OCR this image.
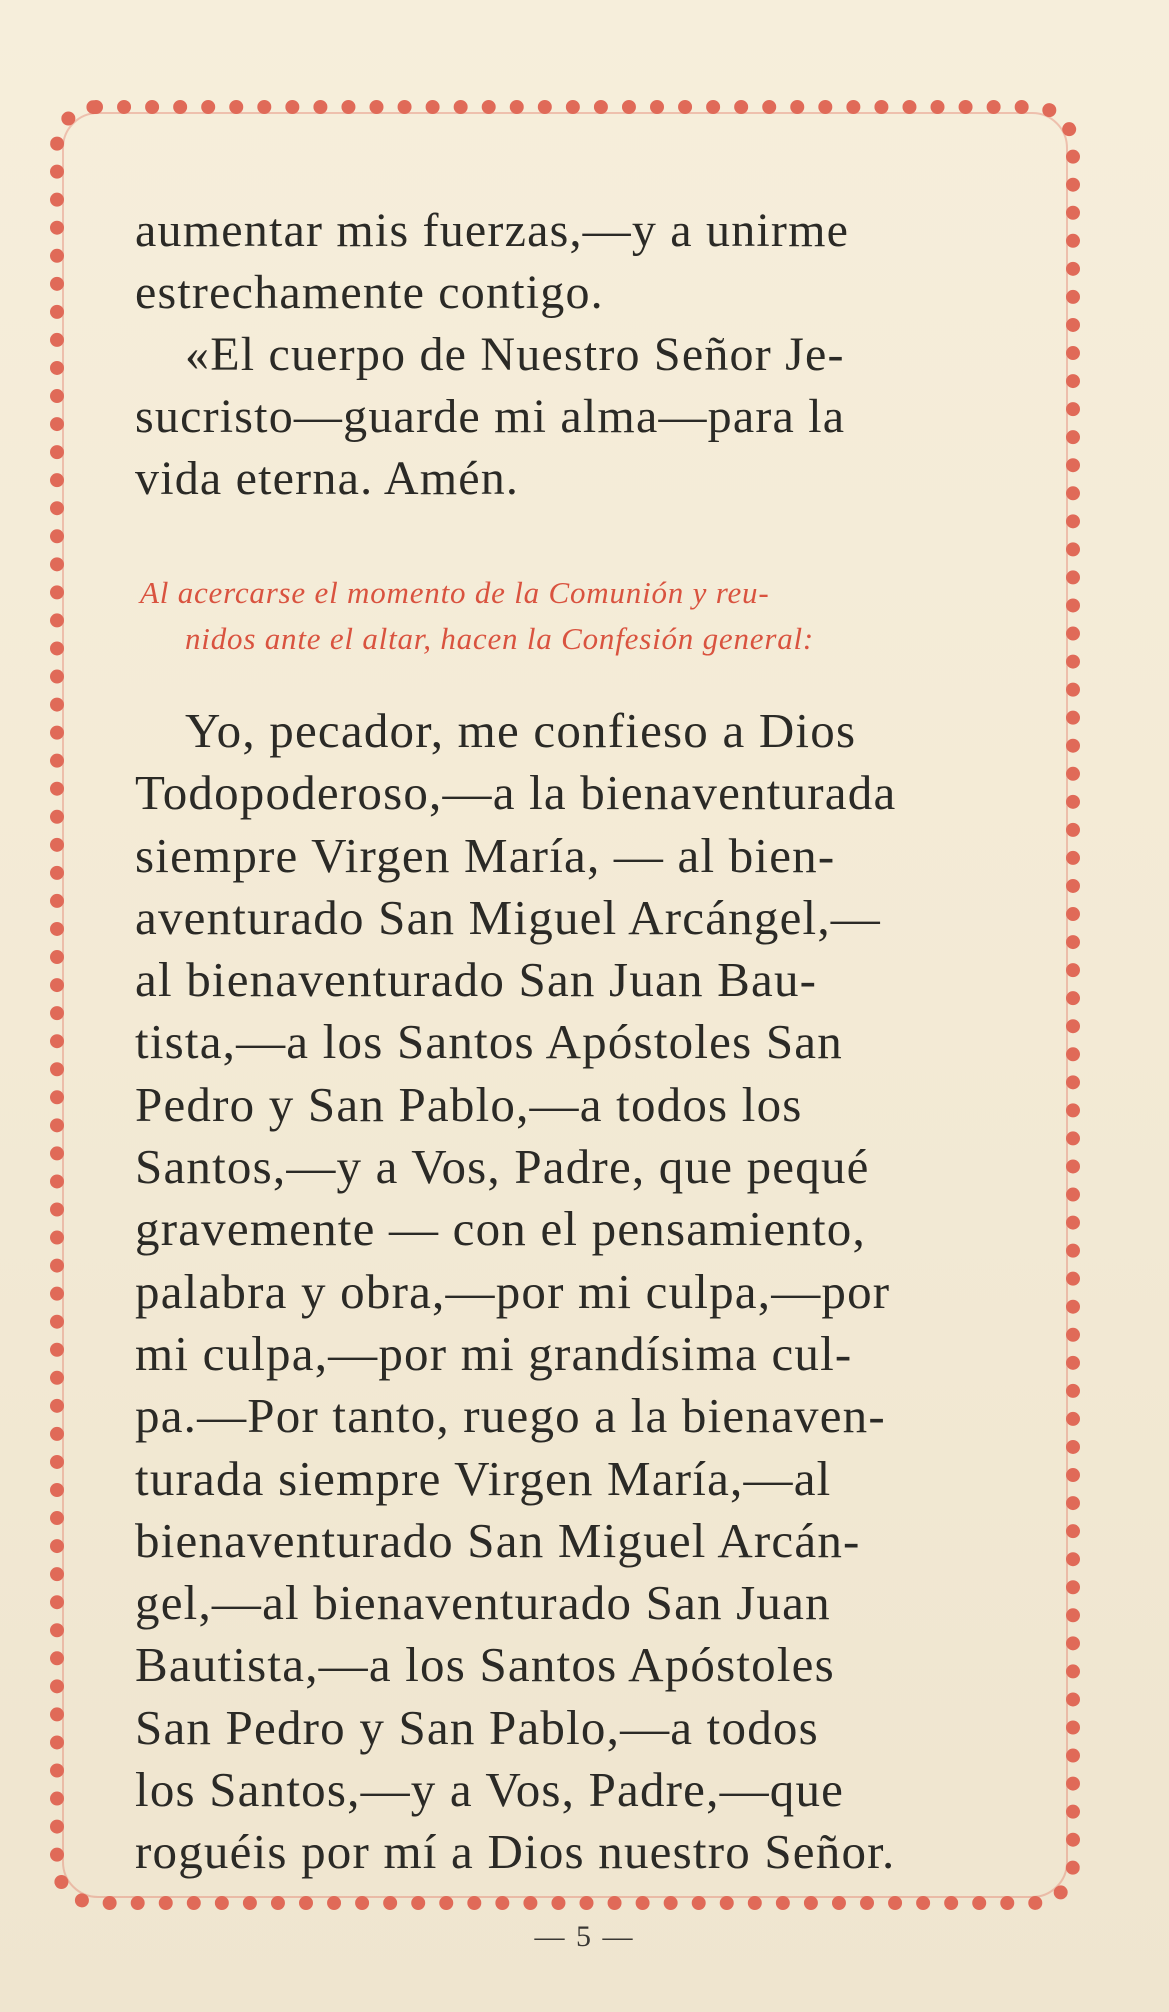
aumentar mis fuerzas,—y a unirme
estrechamente contigo.
«El cuerpo de Nuestro Señor Je-
sucristo—guarde mi alma—para la
vida eterna. Amén.
Al acercarse el momento de la Comunión y reu-
nidos ante el altar, hacen la Confesión general:
Yo, pecador, me confieso a Dios
Todopoderoso,—a la bienaventurada
siempre Virgen María, — al bien-
aventurado San Miguel Arcángel,—
al bienaventurado San Juan Bau-
tista,—a los Santos Apóstoles San
Pedro y San Pablo,—a todos los
Santos,—y a Vos, Padre, que pequé
gravemente — con el pensamiento,
palabra y obra,—por mi culpa,—por
mi culpa,—por mi grandísima cul-
pa.—Por tanto, ruego a la bienaven-
turada siempre Virgen María,—al
bienaventurado San Miguel Arcán-
gel,—al bienaventurado San Juan
Bautista,—a los Santos Apóstoles
San Pedro y San Pablo,—a todos
los Santos,—y a Vos, Padre,—que
roguéis por mí a Dios nuestro Señor.
— 5 —
